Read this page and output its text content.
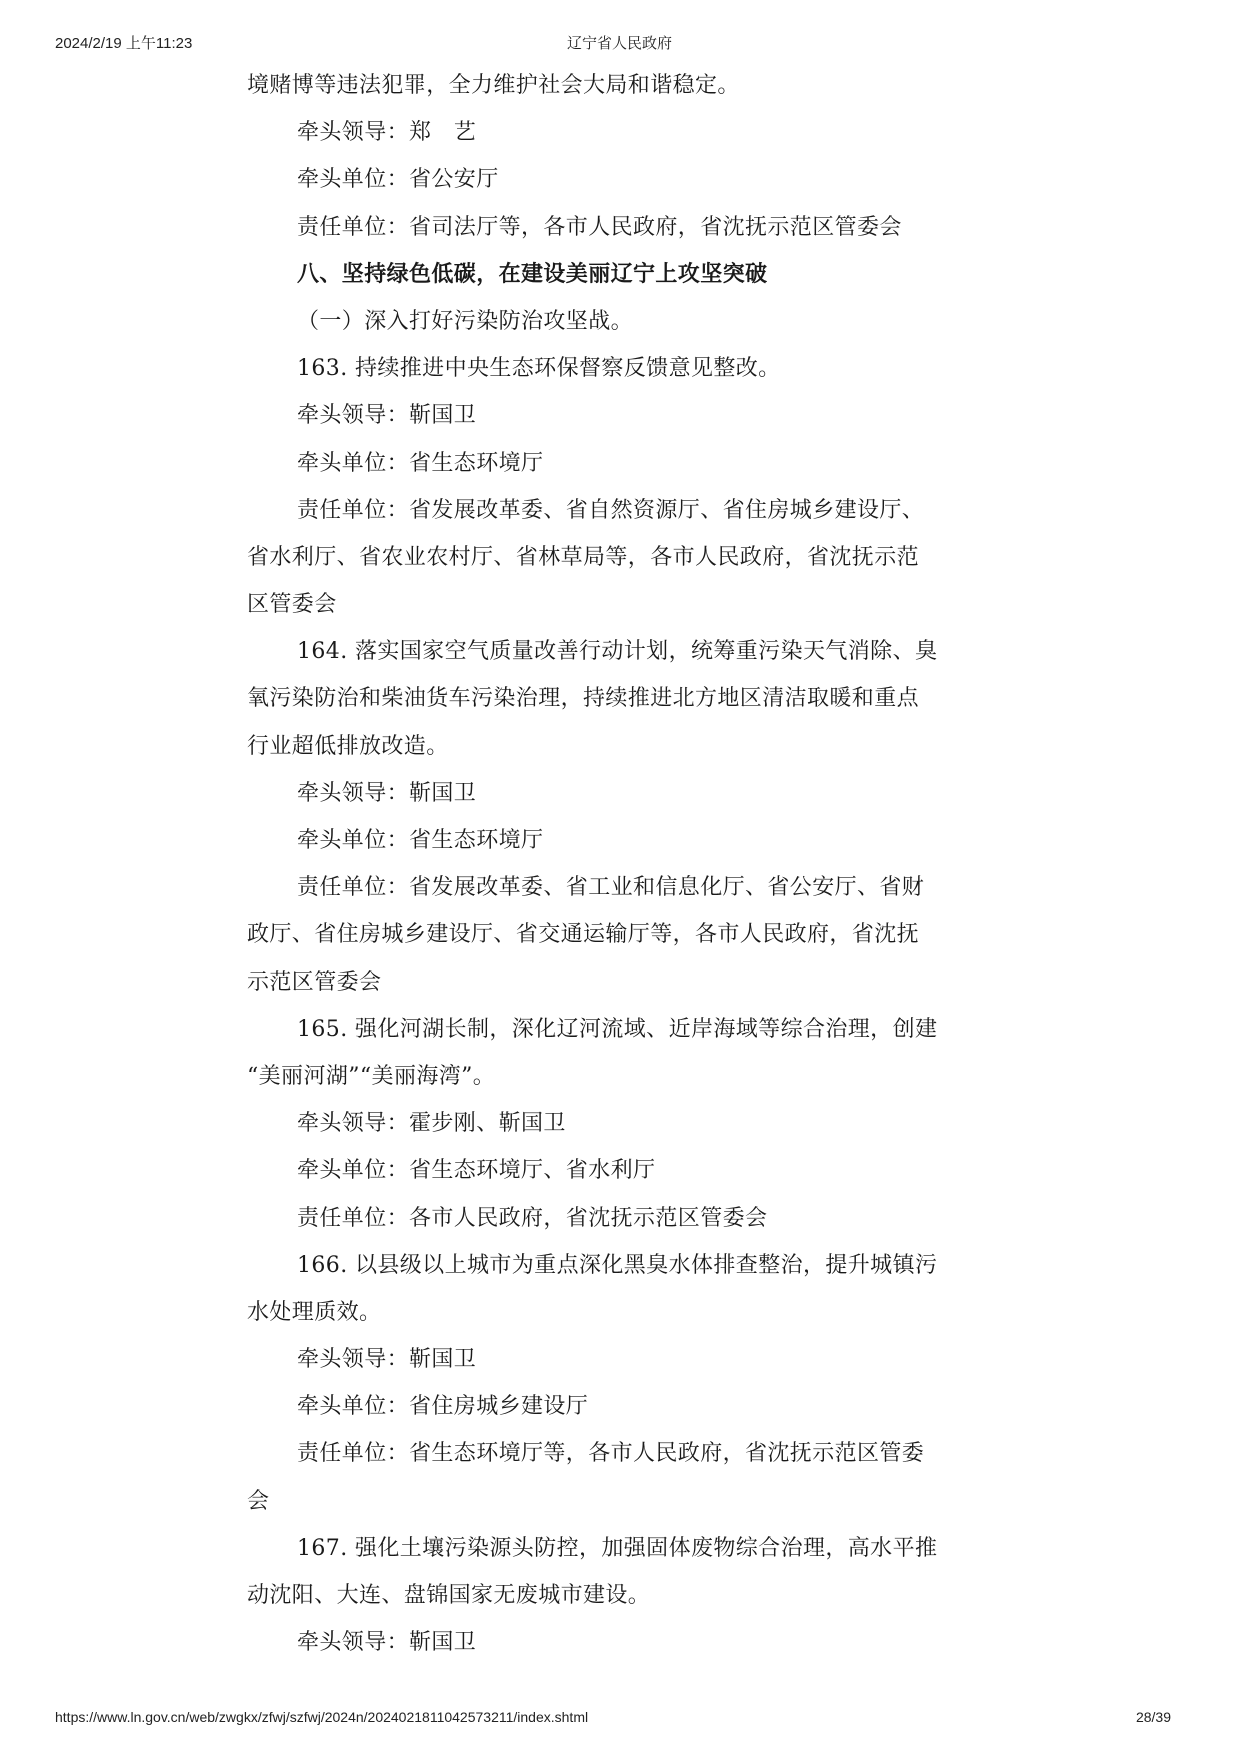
2024/2/19 上午11:23	辽宁省人民政府
境赌博等违法犯罪，全力维护社会大局和谐稳定。
牵头领导：郑　艺
牵头单位：省公安厅
责任单位：省司法厅等，各市人民政府，省沈抚示范区管委会
八、坚持绿色低碳，在建设美丽辽宁上攻坚突破
（一）深入打好污染防治攻坚战。
163. 持续推进中央生态环保督察反馈意见整改。
牵头领导：靳国卫
牵头单位：省生态环境厅
责任单位：省发展改革委、省自然资源厅、省住房城乡建设厅、
省水利厅、省农业农村厅、省林草局等，各市人民政府，省沈抚示范
区管委会
164. 落实国家空气质量改善行动计划，统筹重污染天气消除、臭
氧污染防治和柴油货车污染治理，持续推进北方地区清洁取暖和重点
行业超低排放改造。
牵头领导：靳国卫
牵头单位：省生态环境厅
责任单位：省发展改革委、省工业和信息化厅、省公安厅、省财
政厅、省住房城乡建设厅、省交通运输厅等，各市人民政府，省沈抚
示范区管委会
165. 强化河湖长制，深化辽河流域、近岸海域等综合治理，创建
“美丽河湖”“美丽海湾”。
牵头领导：霍步刚、靳国卫
牵头单位：省生态环境厅、省水利厅
责任单位：各市人民政府，省沈抚示范区管委会
166. 以县级以上城市为重点深化黑臭水体排查整治，提升城镇污
水处理质效。
牵头领导：靳国卫
牵头单位：省住房城乡建设厅
责任单位：省生态环境厅等，各市人民政府，省沈抚示范区管委
会
167. 强化土壤污染源头防控，加强固体废物综合治理，高水平推
动沈阳、大连、盘锦国家无废城市建设。
牵头领导：靳国卫
https://www.ln.gov.cn/web/zwgkx/zfwj/szfwj/2024n/2024021811042573211/index.shtml	28/39
